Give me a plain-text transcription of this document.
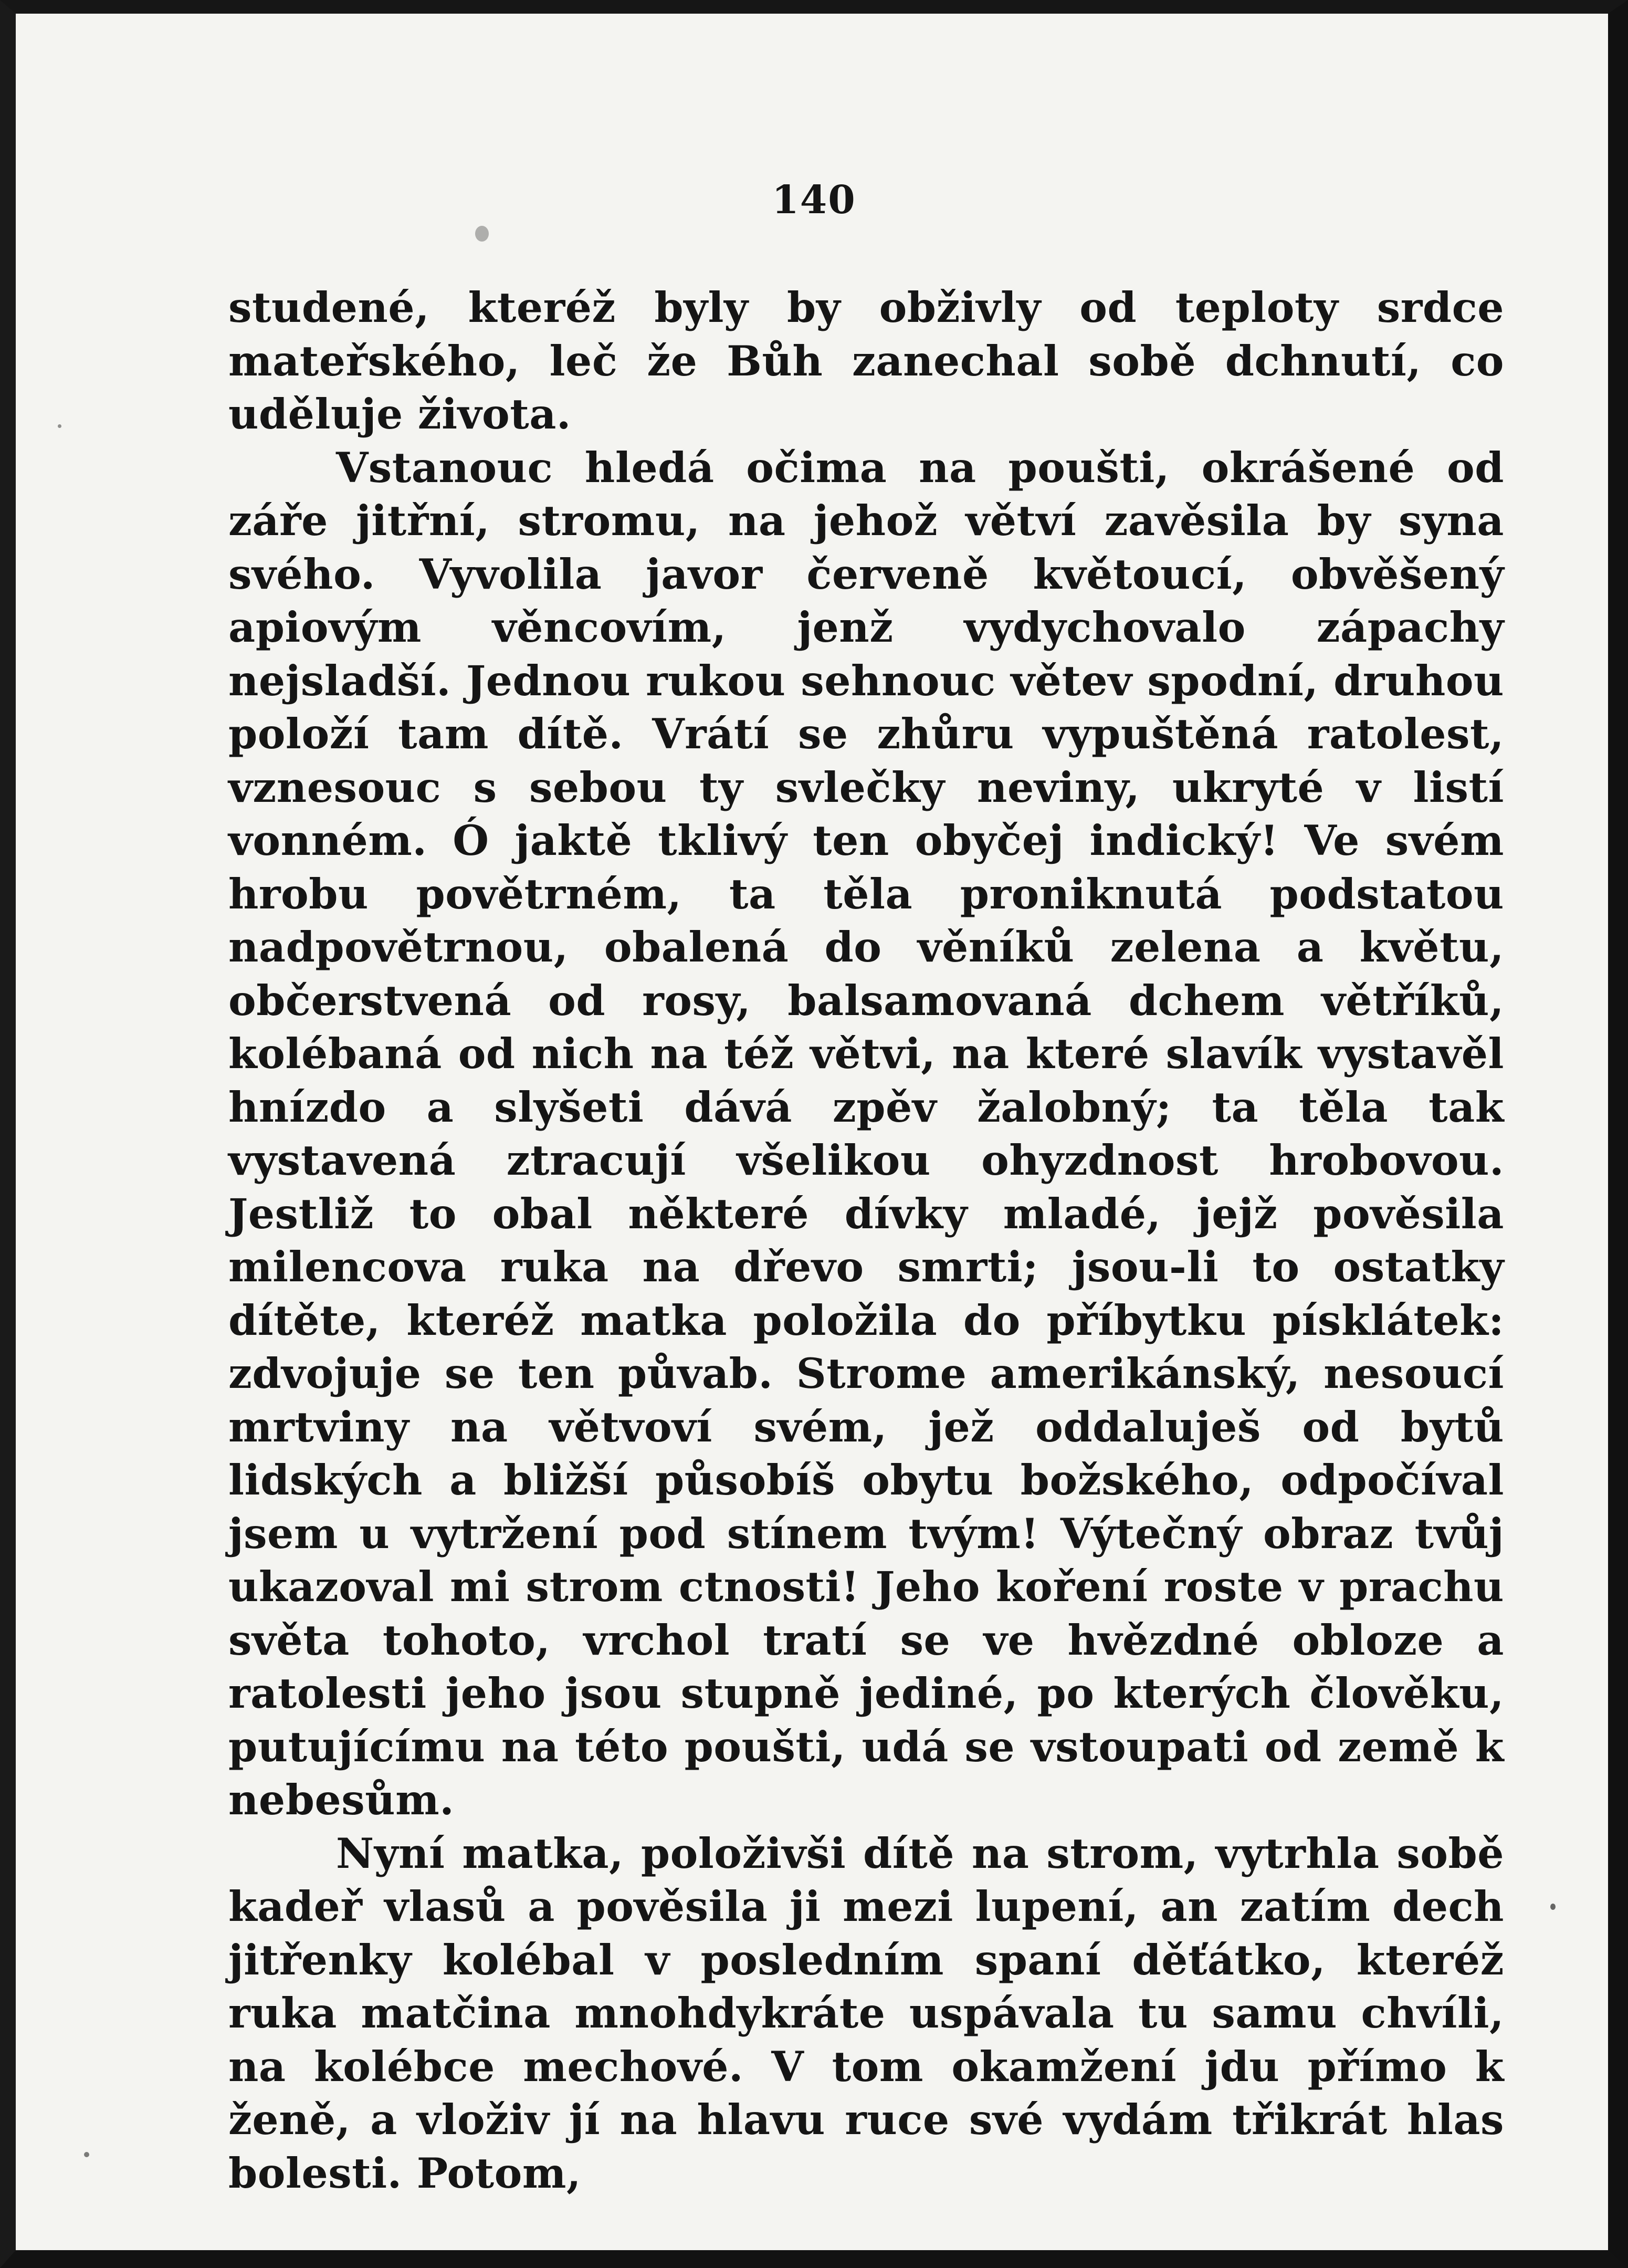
140

studené, kteréž byly by obživly od teploty srdce mateřského, leč že Bůh zanechal sobě dchnutí, co uděluje života.

Vstanouc hledá očima na poušti, okrášené od záře jitřní, stromu, na jehož větví zavěsila by syna svého. Vyvolila javor červeně květoucí, obvěšený apiovým věncovím, jenž vydychovalo zápachy nejsladší. Jednou rukou sehnouc větev spodní, druhou položí tam dítě. Vrátí se zhůru vypuštěná ratolest, vznesouc s sebou ty svlečky neviny, ukryté v listí vonném. Ó jaktě tklivý ten obyčej indický! Ve svém hrobu povětrném, ta těla proniknutá podstatou nadpovětrnou, obalená do věníků zelena a květu, občerstvená od rosy, balsamovaná dchem větříků, kolébaná od nich na též větvi, na které slavík vystavěl hnízdo a slyšeti dává zpěv žalobný; ta těla tak vystavená ztracují všelikou ohyzdnost hrobovou. Jestliž to obal některé dívky mladé, jejž pověsila milencova ruka na dřevo smrti; jsou-li to ostatky dítěte, kteréž matka položila do příbytku písklátek: zdvojuje se ten půvab. Strome amerikánský, nesoucí mrtviny na větvoví svém, jež oddaluješ od bytů lidských a bližší působíš obytu božského, odpočíval jsem u vytržení pod stínem tvým! Výtečný obraz tvůj ukazoval mi strom ctnosti! Jeho koření roste v prachu světa tohoto, vrchol tratí se ve hvězdné obloze a ratolesti jeho jsou stupně jediné, po kterých člověku, putujícímu na této poušti, udá se vstoupati od země k nebesům.

Nyní matka, položivši dítě na strom, vytrhla sobě kadeř vlasů a pověsila ji mezi lupení, an zatím dech jitřenky kolébal v posledním spaní děťátko, kteréž ruka matčina mnohdykráte uspávala tu samu chvíli, na kolébce mechové. V tom okamžení jdu přímo k ženě, a vloživ jí na hlavu ruce své vydám třikrát hlas bolesti. Potom,
